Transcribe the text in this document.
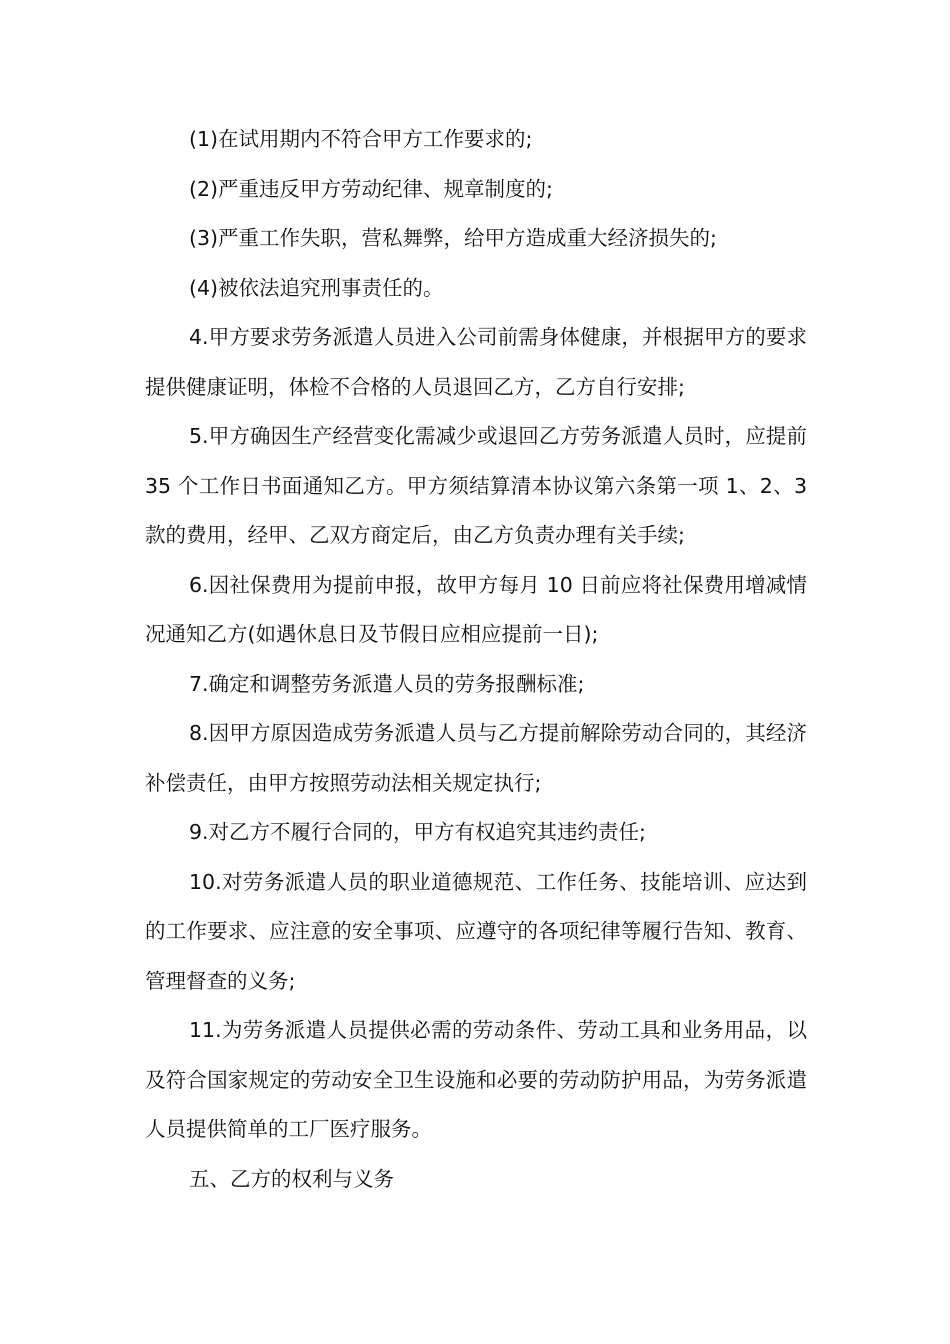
(1)在试用期内不符合甲方工作要求的;

(2)严重违反甲方劳动纪律、规章制度的;

(3)严重工作失职，营私舞弊，给甲方造成重大经济损失的;

(4)被依法追究刑事责任的。

4.甲方要求劳务派遣人员进入公司前需身体健康，并根据甲方的要求提供健康证明，体检不合格的人员退回乙方，乙方自行安排;

5.甲方确因生产经营变化需减少或退回乙方劳务派遣人员时，应提前 35 个工作日书面通知乙方。甲方须结算清本协议第六条第一项 1、2、3 款的费用，经甲、乙双方商定后，由乙方负责办理有关手续;

6.因社保费用为提前申报，故甲方每月 10 日前应将社保费用增减情况通知乙方(如遇休息日及节假日应相应提前一日);

7.确定和调整劳务派遣人员的劳务报酬标准;

8.因甲方原因造成劳务派遣人员与乙方提前解除劳动合同的，其经济补偿责任，由甲方按照劳动法相关规定执行;

9.对乙方不履行合同的，甲方有权追究其违约责任;

10.对劳务派遣人员的职业道德规范、工作任务、技能培训、应达到的工作要求、应注意的安全事项、应遵守的各项纪律等履行告知、教育、管理督查的义务;

11.为劳务派遣人员提供必需的劳动条件、劳动工具和业务用品，以及符合国家规定的劳动安全卫生设施和必要的劳动防护用品，为劳务派遣人员提供简单的工厂医疗服务。

五、乙方的权利与义务
